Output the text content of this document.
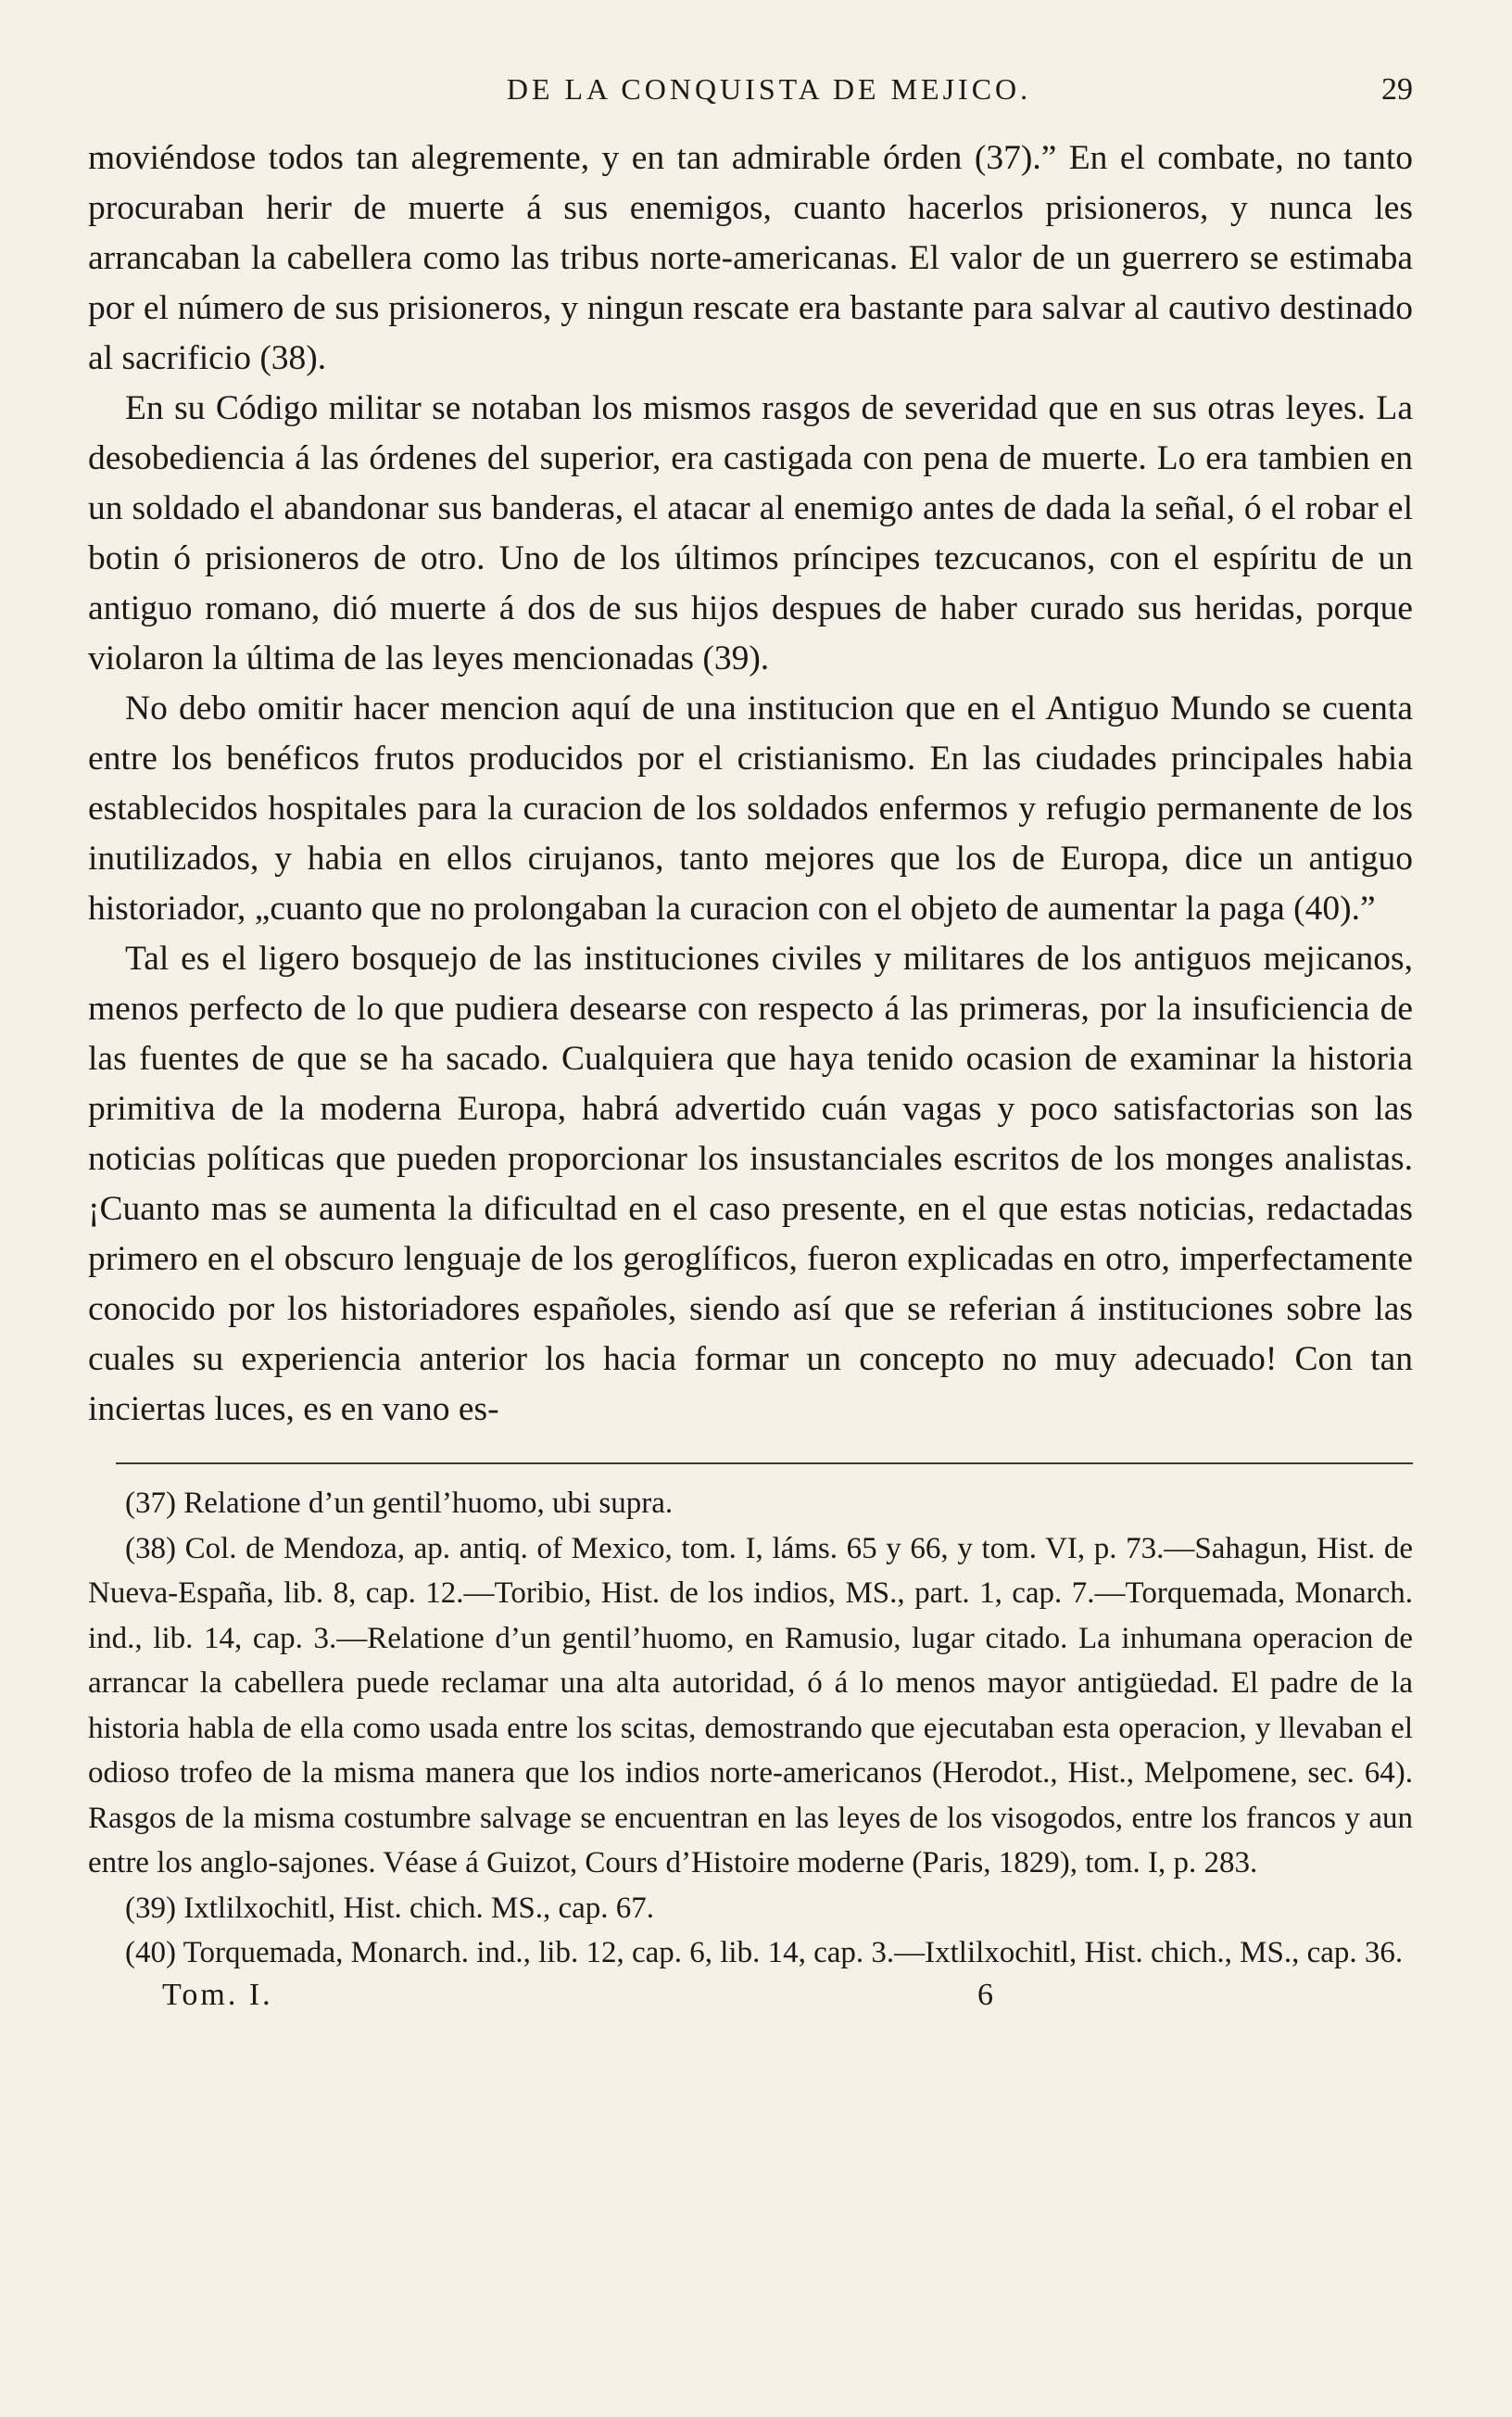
DE LA CONQUISTA DE MEJICO.	29

moviéndose todos tan alegremente, y en tan admirable órden (37).” En el combate, no tanto procuraban herir de muerte á sus enemigos, cuanto hacerlos prisioneros, y nunca les arrancaban la cabellera como las tribus norte-americanas. El valor de un guerrero se estimaba por el número de sus prisioneros, y ningun rescate era bastante para salvar al cautivo destinado al sacrificio (38).

En su Código militar se notaban los mismos rasgos de severidad que en sus otras leyes. La desobediencia á las órdenes del superior, era castigada con pena de muerte. Lo era tambien en un soldado el abandonar sus banderas, el atacar al enemigo antes de dada la señal, ó el robar el botin ó prisioneros de otro. Uno de los últimos príncipes tezcucanos, con el espíritu de un antiguo romano, dió muerte á dos de sus hijos despues de haber curado sus heridas, porque violaron la última de las leyes mencionadas (39).

No debo omitir hacer mencion aquí de una institucion que en el Antiguo Mundo se cuenta entre los benéficos frutos producidos por el cristianismo. En las ciudades principales habia establecidos hospitales para la curacion de los soldados enfermos y refugio permanente de los inutilizados, y habia en ellos cirujanos, tanto mejores que los de Europa, dice un antiguo historiador, „cuanto que no prolongaban la curacion con el objeto de aumentar la paga (40).”

Tal es el ligero bosquejo de las instituciones civiles y militares de los antiguos mejicanos, menos perfecto de lo que pudiera desearse con respecto á las primeras, por la insuficiencia de las fuentes de que se ha sacado. Cualquiera que haya tenido ocasion de examinar la historia primitiva de la moderna Europa, habrá advertido cuán vagas y poco satisfactorias son las noticias políticas que pueden proporcionar los insustanciales escritos de los monges analistas. ¡Cuanto mas se aumenta la dificultad en el caso presente, en el que estas noticias, redactadas primero en el obscuro lenguaje de los geroglíficos, fueron explicadas en otro, imperfectamente conocido por los historiadores españoles, siendo así que se referian á instituciones sobre las cuales su experiencia anterior los hacia formar un concepto no muy adecuado! Con tan inciertas luces, es en vano es-

(37) Relatione d’un gentil’huomo, ubi supra.

(38) Col. de Mendoza, ap. antiq. of Mexico, tom. I, láms. 65 y 66, y tom. VI, p. 73.—Sahagun, Hist. de Nueva-España, lib. 8, cap. 12.—Toribio, Hist. de los indios, MS., part. 1, cap. 7.—Torquemada, Monarch. ind., lib. 14, cap. 3.—Relatione d’un gentil’huomo, en Ramusio, lugar citado. La inhumana operacion de arrancar la cabellera puede reclamar una alta autoridad, ó á lo menos mayor antigüedad. El padre de la historia habla de ella como usada entre los scitas, demostrando que ejecutaban esta operacion, y llevaban el odioso trofeo de la misma manera que los indios norte-americanos (Herodot., Hist., Melpomene, sec. 64). Rasgos de la misma costumbre salvage se encuentran en las leyes de los visogodos, entre los francos y aun entre los anglo-sajones. Véase á Guizot, Cours d’Histoire moderne (Paris, 1829), tom. I, p. 283.

(39) Ixtlilxochitl, Hist. chich. MS., cap. 67.

(40) Torquemada, Monarch. ind., lib. 12, cap. 6, lib. 14, cap. 3.—Ixtlilxochitl, Hist. chich., MS., cap. 36.

Tom. I.	6
